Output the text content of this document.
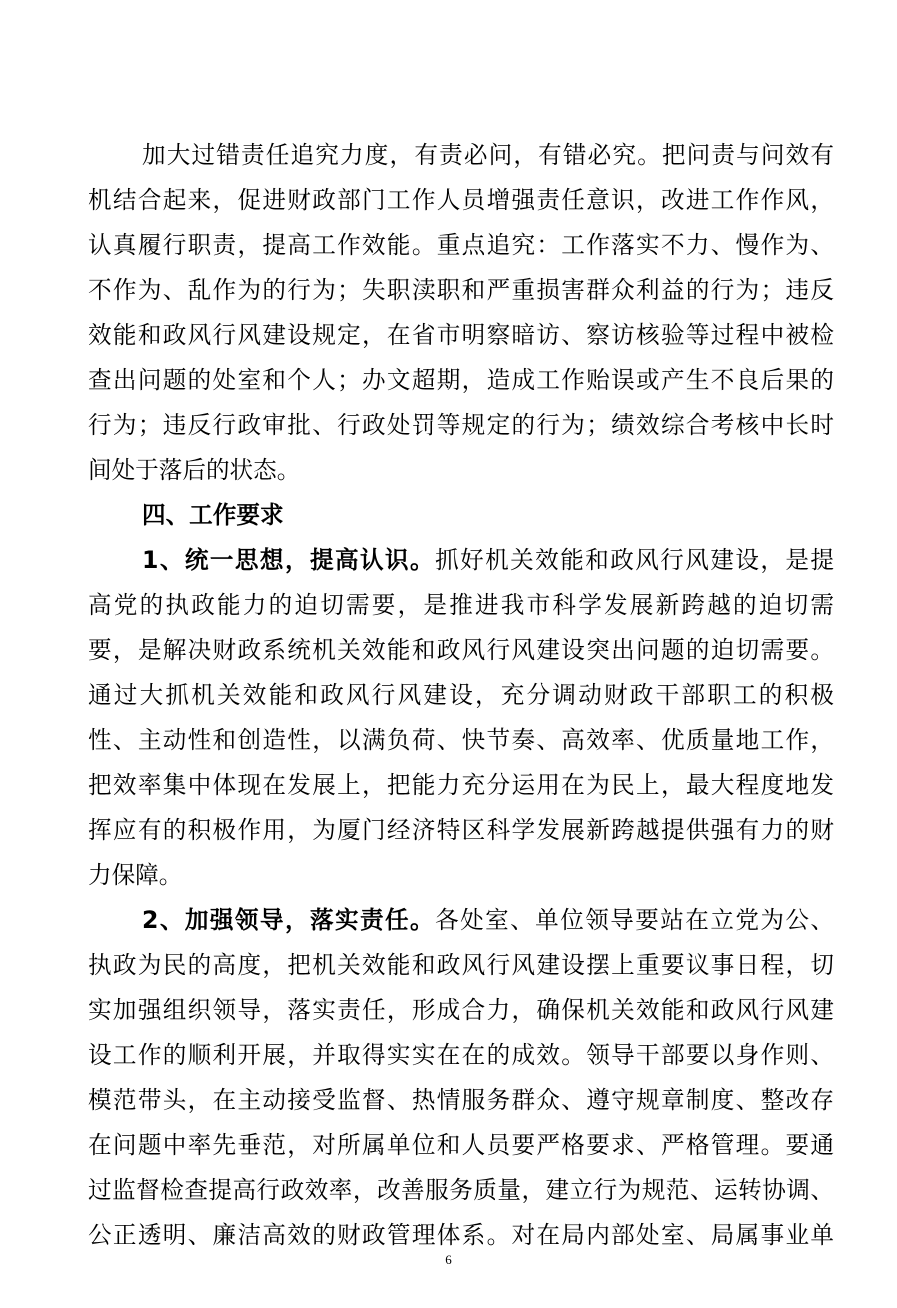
加大过错责任追究力度，有责必问，有错必究。把问责与问效有
机结合起来，促进财政部门工作人员增强责任意识，改进工作作风，
认真履行职责，提高工作效能。重点追究：工作落实不力、慢作为、
不作为、乱作为的行为；失职渎职和严重损害群众利益的行为；违反
效能和政风行风建设规定，在省市明察暗访、察访核验等过程中被检
查出问题的处室和个人；办文超期，造成工作贻误或产生不良后果的
行为；违反行政审批、行政处罚等规定的行为；绩效综合考核中长时
间处于落后的状态。
四、工作要求
1、统一思想，提高认识。抓好机关效能和政风行风建设，是提
高党的执政能力的迫切需要，是推进我市科学发展新跨越的迫切需
要，是解决财政系统机关效能和政风行风建设突出问题的迫切需要。
通过大抓机关效能和政风行风建设，充分调动财政干部职工的积极
性、主动性和创造性，以满负荷、快节奏、高效率、优质量地工作，
把效率集中体现在发展上，把能力充分运用在为民上，最大程度地发
挥应有的积极作用，为厦门经济特区科学发展新跨越提供强有力的财
力保障。
2、加强领导，落实责任。各处室、单位领导要站在立党为公、
执政为民的高度，把机关效能和政风行风建设摆上重要议事日程，切
实加强组织领导，落实责任，形成合力，确保机关效能和政风行风建
设工作的顺利开展，并取得实实在在的成效。领导干部要以身作则、
模范带头，在主动接受监督、热情服务群众、遵守规章制度、整改存
在问题中率先垂范，对所属单位和人员要严格要求、严格管理。要通
过监督检查提高行政效率，改善服务质量，建立行为规范、运转协调、
公正透明、廉洁高效的财政管理体系。对在局内部处室、局属事业单
6
